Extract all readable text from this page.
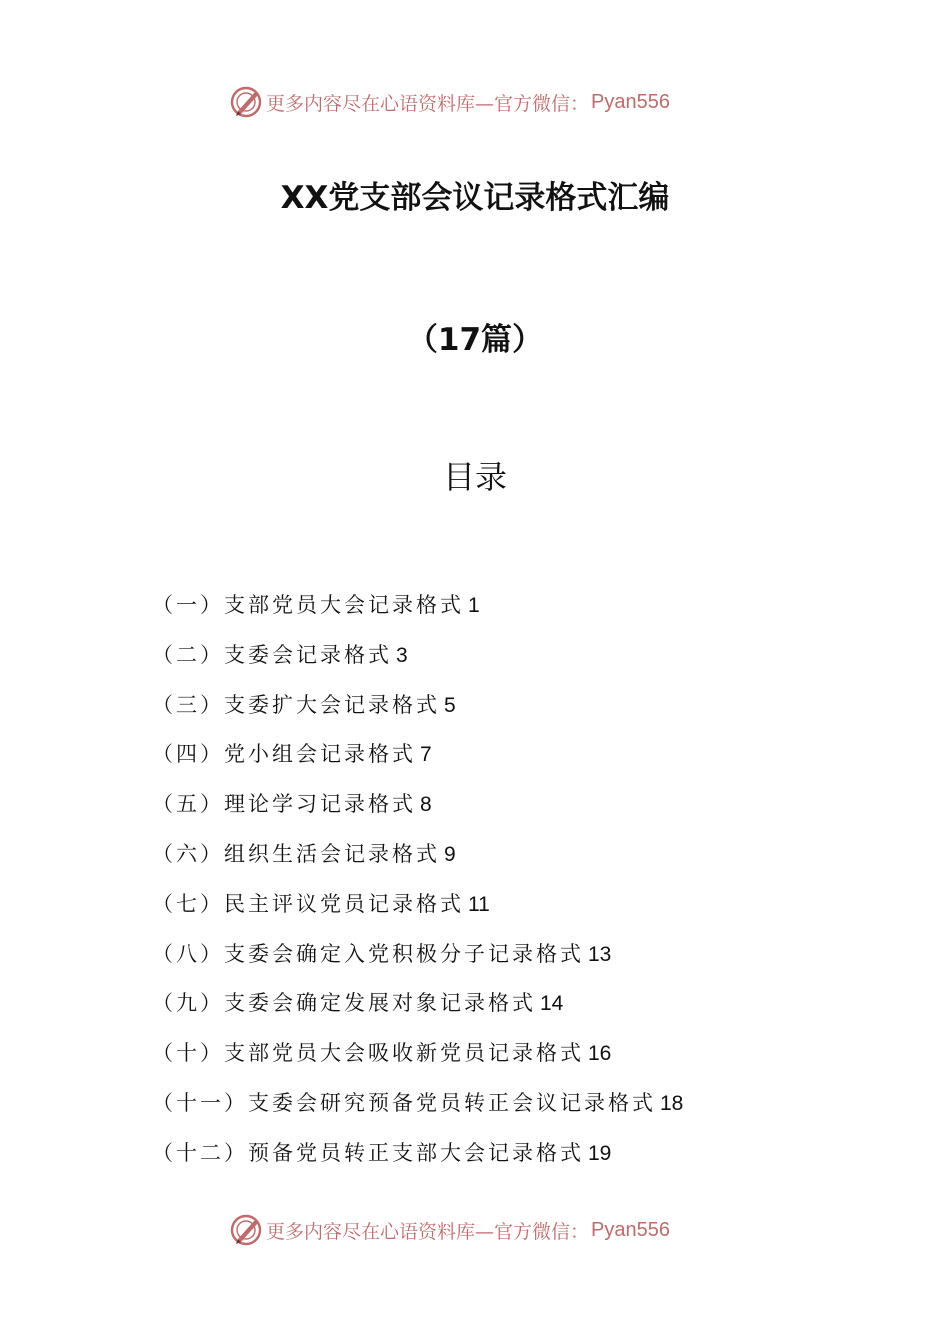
更多内容尽在心语资料库—官方微信： Pyan556
XX党支部会议记录格式汇编
（17篇）
目录
（一）支部党员大会记录格式 1
（二）支委会记录格式 3
（三）支委扩大会记录格式 5
（四）党小组会记录格式 7
（五）理论学习记录格式 8
（六）组织生活会记录格式 9
（七）民主评议党员记录格式 11
（八）支委会确定入党积极分子记录格式 13
（九）支委会确定发展对象记录格式 14
（十）支部党员大会吸收新党员记录格式 16
（十一）支委会研究预备党员转正会议记录格式 18
（十二）预备党员转正支部大会记录格式 19
更多内容尽在心语资料库—官方微信： Pyan556
